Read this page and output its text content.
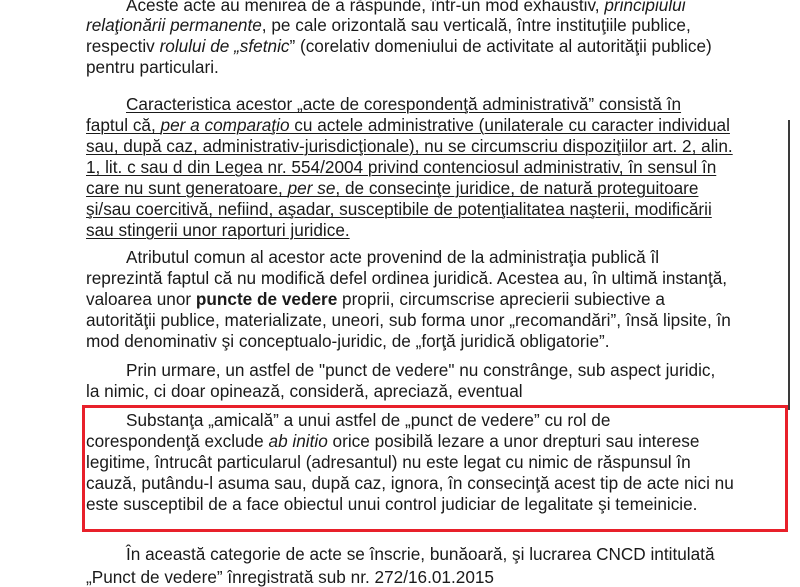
Aceste acte au menirea de a răspunde, într-un mod exhaustiv, principiului

relaţionării permanente, pe cale orizontală sau verticală, între instituţiile publice,

respectiv rolului de „sfetnic” (corelativ domeniului de activitate al autorităţii publice)

pentru particulari.

Caracteristica acestor „acte de corespondenţă administrativă” consistă în

faptul că, per a comparaţio cu actele administrative (unilaterale cu caracter individual

sau, după caz, administrativ-jurisdicţionale), nu se circumscriu dispoziţiilor art. 2, alin.

1, lit. c sau d din Legea nr. 554/2004 privind contenciosul administrativ, în sensul în

care nu sunt generatoare, per se, de consecinţe juridice, de natură proteguitoare

şi/sau coercitivă, nefiind, aşadar, susceptibile de potenţialitatea naşterii, modificării

sau stingerii unor raporturi juridice.

Atributul comun al acestor acte provenind de la administraţia publică îl

reprezintă faptul că nu modifică defel ordinea juridică. Acestea au, în ultimă instanţă,

valoarea unor puncte de vedere proprii, circumscrise aprecierii subiective a

autorităţii publice, materializate, uneori, sub forma unor „recomandări”, însă lipsite, în

mod denominativ şi conceptualo-juridic, de „forţă juridică obligatorie”.

Prin urmare, un astfel de "punct de vedere" nu constrânge, sub aspect juridic,

la nimic, ci doar opinează, consideră, apreciază, eventual

Substanţa „amicală” a unui astfel de „punct de vedere” cu rol de

corespondenţă exclude ab initio orice posibilă lezare a unor drepturi sau interese

legitime, întrucât particularul (adresantul) nu este legat cu nimic de răspunsul în

cauză, putându-l asuma sau, după caz, ignora, în consecinţă acest tip de acte nici nu

este susceptibil de a face obiectul unui control judiciar de legalitate şi temeinicie.

În această categorie de acte se înscrie, bunăoară, şi lucrarea CNCD intitulată

„Punct de vedere” înregistrată sub nr. 272/16.01.2015
